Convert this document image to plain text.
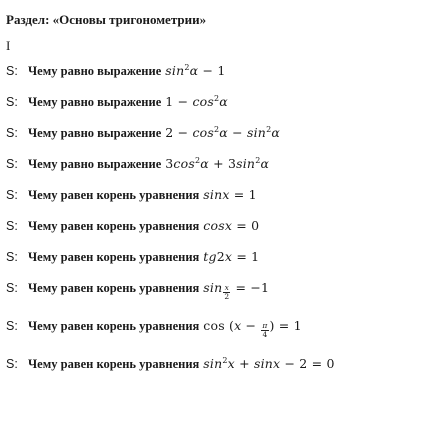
Раздел: «Основы тригонометрии»
I
S: Чему равно выражение $\sin^2\alpha - 1$
S: Чему равно выражение $1 - \cos^2\alpha$
S: Чему равно выражение $2 - \cos^2\alpha - \sin^2\alpha$
S: Чему равно выражение $3\cos^2\alpha + 3\sin^2\alpha$
S: Чему равен корень уравнения sinx = 1
S: Чему равен корень уравнения cosx = 0
S: Чему равен корень уравнения tg2x = 1
S: Чему равен корень уравнения $\sin \frac{x}{2} = -1$
S: Чему равен корень уравнения $\cos (x - \frac{\pi}{4}$ ) = 1
S: Чему равен корень уравнения $\sin^2x + \sin x - 2 = 0$
